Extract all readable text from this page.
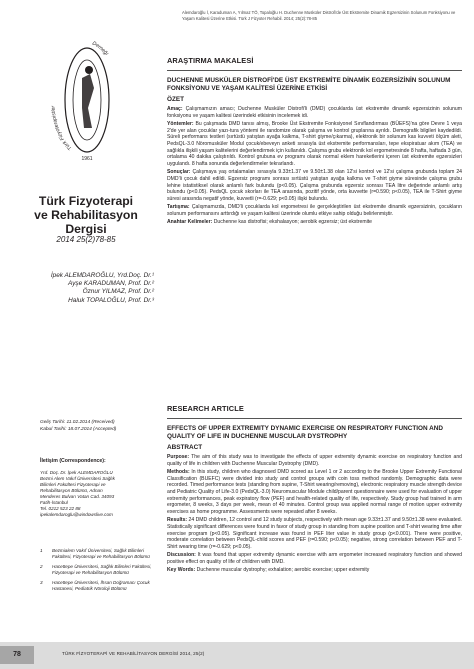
Alemdaroğlu İ, Karaduman A, Yılmaz TÖ, Topaloğlu H. Duchenne Musküler Distrofi'de Üst Ekstremite Dinamik Egzersizinin Solunum Fonksiyonu ve Yaşam Kalitesi Üzerine Etkisi. Türk J Fizyoter Rehabil. 2014; 25(2):78-85
Türk Fizyoterapistler
Derneği
1961
Türk Fizyoterapi
ve Rehabilitasyon
Dergisi
2014 25(2)78-85
İpek ALEMDAROĞLU, Yrd.Doç. Dr.¹
Ayşe KARADUMAN, Prof. Dr.²
Öznur YILMAZ, Prof. Dr.²
Haluk TOPALOĞLU, Prof. Dr.³
Geliş Tarihi: 11.02.2014 (Received)
Kabul Tarihi: 18.07.2014 (Accepted)
İletişim (Correspondence):
Yrd. Doç. Dr. İpek ALEMDAROĞLU
Bezmi Alem Vakıf Üniversitesi Sağlık
Bilimleri Fakültesi Fizyoterapi ve
Rehabilitasyon Bölümü, Adnan
Menderes Bulvarı Vatan Cad. 34093
Fatih-İstanbul
Tel. 0212 523 22 88
ipekalemdaroglu@windowslive.com
1 Bezmialem Vakıf Üniversitesi, Sağlık Bilimleri Fakültesi, Fizyoterapi ve Rehabilitasyon Bölümü
2 Hacettepe Üniversitesi, Sağlık Bilimleri Fakültesi, Fizyoterapi ve Rehabilitasyon Bölümü
3 Hacettepe Üniversitesi, İhsan Doğramacı Çocuk Hastanesi, Pediatrik Nöroloji Bölümü
ARAŞTIRMA MAKALESİ
DUCHENNE MUSKÜLER DİSTROFİ'DE ÜST EKSTREMİTE DİNAMİK EGZERSİZİNİN SOLUNUM FONKSİYONU VE YAŞAM KALİTESİ ÜZERİNE ETKİSİ
ÖZET

Amaç: Çalışmamızın amacı; Duchenne Musküler Distrofi'li (DMD) çocuklarda üst ekstremite dinamik egzersizinin solunum fonksiyonu ve yaşam kalitesi üzerindeki etkisinin incelemek idi.

Yöntemler: Bu çalışmada DMD tanısı almış, Brooke Üst Ekstremite Fonksiyonel Sınıflandırması (BÜEFS)'na göre Devre 1 veya 2'de yer alan çocuklar yazı-tura yöntemi ile randomize olarak çalışma ve kontrol gruplarına ayrıldı. Demografik bilgileri kaydedildi. Süreli performans testleri (sırtüstü yatıştan ayağa kalkma, T-shirt giyme/çıkarma), elektronik bir solunum kas kuvveti ölçüm aleti, PedsQL-3.0 Nöromusküler Modul çocuk/ebeveyn anketi sırasıyla üst ekstremite performansları, tepe ekspiratuar akım (TEA) ve sağlıkla ilişkili yaşam kalitelerini değerlendirmek için kullanıldı. Çalışma grubu elektronik kol ergometresinde 8 hafta, haftada 3 gün, ortalama 40 dakika çalıştırıldı. Kontrol grubuna ev programı olarak normal eklem hareketlerini içeren üst ekstremite egzersizleri uygulandı. 8 hafta sonunda değerlendirmeler tekrarlandı.

Sonuçlar: Çalışmaya yaş ortalamaları sırasıyla 9.33±1.37 ve 9.50±1.38 olan 12'si kontrol ve 12'si çalışma grubunda toplam 24 DMD'li çocuk dahil edildi. Egzersiz programı sonrası sırtüstü yatıştan ayağa kalkma ve T-shirt giyme süresinde çalışma grubu lehine istatistiksel olarak anlamlı fark bulundu (p<0.05). Çalışma grubunda egzersiz sonrası TEA litre değerinde anlamlı artış bulundu (p<0.05). PedsQL çocuk skorları ile TEA arasında, pozitif yönde, orta kuvvette (r=0.590; p<0.05), TEA ile T-Shirt giyme süresi arasında negatif yönde, kuvvetli (r=-0.629; p<0.05) ilişki bulundu.

Tartışma: Çalışmamızda, DMD'li çocuklarda kol ergometresi ile gerçekleştirilen üst ekstremite dinamik egzersizinin, çocukların solunum performansını arttırdığı ve yaşam kalitesi üzerinde olumlu etkiye sahip olduğu belirlenmiştir.

Anahtar Kelimeler: Duchenne kas distrofisi; ekshalasyon; aerobik egzersiz; üst ekstremite

RESEARCH ARTICLE
EFFECTS OF UPPER EXTREMITY DYNAMIC EXERCISE ON RESPIRATORY FUNCTION AND QUALITY OF LIFE IN DUCHENNE MUSCULAR DYSTROPHY
ABSTRACT

Purpose: The aim of this study was to investigate the effects of upper extremity dynamic exercise on respiratory function and quality of life in children with Duchenne Muscular Dystrophy (DMD).

Methods: In this study, children who diagnosed DMD scored as Level 1 or 2 according to the Brooke Upper Extremity Functional Classification (BUEFC) were divided into study and control groups with coin toss method randomly. Demographic data were recorded. Timed performance tests (standing from supine, T-Shirt wearing/removing), electronic respiratory muscle strength device and Pediatric Quality of Life-3.0 (PedsQL-3.0) Neuromuscular Module child/parent questionnaire were used for evaluation of upper extremity performances, peak expiratory flow (PEF) and health-related quality of life, respectively. Study group had trained in arm ergometer, 8 weeks, 3 days per week, mean of 40 minutes. Control group was applied normal range of motion upper extremity exercises as home programme. Assessments were repeated after 8 weeks.

Results: 24 DMD children, 12 control and 12 study subjects, respectively with mean age 9.33±1.37 and 9.50±1.38 were evaluated. Statistically significant differences were found in favor of study group in standing from supine position and T-shirt wearing time after exercise program (p<0.05). Significant increase was found in PEF liter value in study group (p<0.001). There were positive, moderate correlation between PedsQL-child scores and PEF (r=0.590; p<0.05); negative, strong correlation between PEF and T-Shirt wearing time (r=-0.629; p<0.05).

Discussion: It was found that upper extremity dynamic exercise with arm ergometer increased respiratory function and showed positive effect on quality of life of children with DMD.

Key Words: Duchenne muscular dystrophy; exhalation; aerobic exercise; upper extremity

78	TÜRK FİZYOTERAPİ VE REHABİLİTASYON DERGİSİ 2014, 25(2)
